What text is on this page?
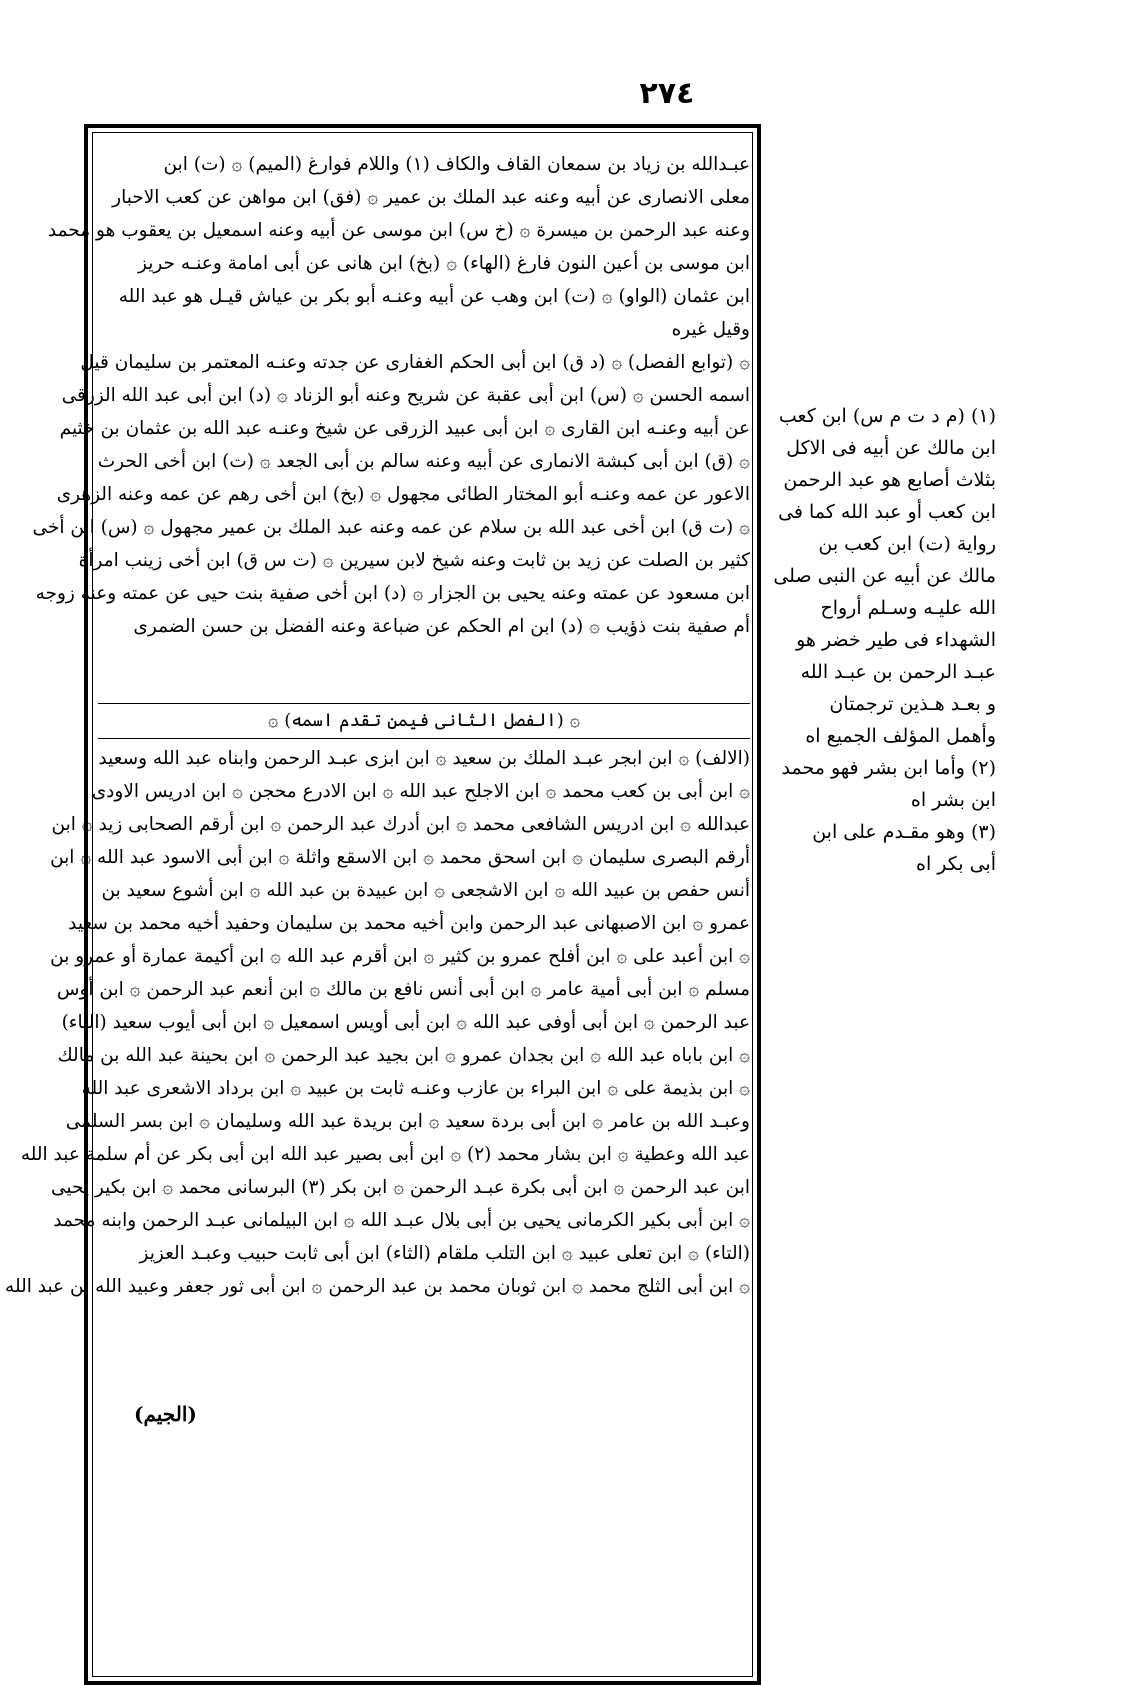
٢٧٤
عبـدالله بن زياد بن سمعان القاف والكاف (١) واللام فوارغ (الميم) ۞ (ت) ابن
معلى الانصارى عن أبيه وعنه عبد الملك بن عمير ۞ (فق) ابن مواهن عن كعب الاحبار
وعنه عبد الرحمن بن ميسرة ۞ (خ س) ابن موسى عن أبيه وعنه اسمعيل بن يعقوب هو محمد
ابن موسى بن أعين النون فارغ (الهاء) ۞ (بخ) ابن هانى عن أبى امامة وعنـه حريز
ابن عثمان (الواو) ۞ (ت) ابن وهب عن أبيه وعنـه أبو بكر بن عياش قيـل هو عبد الله
وقيل غيره
۞ (توابع الفصل) ۞ (د ق) ابن أبى الحكم الغفارى عن جدته وعنـه المعتمر بن سليمان قيل
اسمه الحسن ۞ (س) ابن أبى عقبة عن شريح وعنه أبو الزناد ۞ (د) ابن أبى عبد الله الزرقى
عن أبيه وعنـه ابن القارى ۞ ابن أبى عبيد الزرقى عن شيخ وعنـه عبد الله بن عثمان بن خثيم
۞ (ق) ابن أبى كبشة الانمارى عن أبيه وعنه سالم بن أبى الجعد ۞ (ت) ابن أخى الحرث
الاعور عن عمه وعنـه أبو المختار الطائى مجهول ۞ (بخ) ابن أخى رهم عن عمه وعنه الزهرى
۞ (ت ق) ابن أخى عبد الله بن سلام عن عمه وعنه عبد الملك بن عمير مجهول ۞ (س) ابن أخى
كثير بن الصلت عن زيد بن ثابت وعنه شيخ لابن سيرين ۞ (ت س ق) ابن أخى زينب امرأة
ابن مسعود عن عمته وعنه يحيى بن الجزار ۞ (د) ابن أخى صفية بنت حيى عن عمته وعنه زوجه
أم صفية بنت ذؤيب ۞ (د) ابن ام الحكم عن ضباعة وعنه الفضل بن حسن الضمرى
۞ (الفصل الثانى فيمن تقدم اسمه) ۞
(الالف) ۞ ابن ابجر عبـد الملك بن سعيد ۞ ابن ابزى عبـد الرحمن وابناه عبد الله وسعيد
۞ ابن أبى بن كعب محمد ۞ ابن الاجلح عبد الله ۞ ابن الادرع محجن ۞ ابن ادريس الاودى
عبدالله ۞ ابن ادريس الشافعى محمد ۞ ابن أدرك عبد الرحمن ۞ ابن أرقم الصحابى زيد ۞ ابن
أرقم البصرى سليمان ۞ ابن اسحق محمد ۞ ابن الاسقع واثلة ۞ ابن أبى الاسود عبد الله ۞ ابن
أنس حفص بن عبيد الله ۞ ابن الاشجعى ۞ ابن عبيدة بن عبد الله ۞ ابن أشوع سعيد بن
عمرو ۞ ابن الاصبهانى عبد الرحمن وابن أخيه محمد بن سليمان وحفيد أخيه محمد بن سعيد
۞ ابن أعبد على ۞ ابن أفلح عمرو بن كثير ۞ ابن أقرم عبد الله ۞ ابن أكيمة عمارة أو عمرو بن
مسلم ۞ ابن أبى أمية عامر ۞ ابن أبى أنس نافع بن مالك ۞ ابن أنعم عبد الرحمن ۞ ابن أوس
عبد الرحمن ۞ ابن أبى أوفى عبد الله ۞ ابن أبى أويس اسمعيل ۞ ابن أبى أيوب سعيد (الباء)
۞ ابن باباه عبد الله ۞ ابن بجدان عمرو ۞ ابن بجيد عبد الرحمن ۞ ابن بحينة عبد الله بن مالك
۞ ابن بذيمة على ۞ ابن البراء بن عازب وعنـه ثابت بن عبيد ۞ ابن برداد الاشعرى عبد الله
وعبـد الله بن عامر ۞ ابن أبى بردة سعيد ۞ ابن بريدة عبد الله وسليمان ۞ ابن بسر السلمى
عبد الله وعطية ۞ ابن بشار محمد (٢) ۞ ابن أبى بصير عبد الله ابن أبى بكر عن أم سلمة عبد الله
ابن عبد الرحمن ۞ ابن أبى بكرة عبـد الرحمن ۞ ابن بكر (٣) البرسانى محمد ۞ ابن بكير يحيى
۞ ابن أبى بكير الكرمانى يحيى بن أبى بلال عبـد الله ۞ ابن البيلمانى عبـد الرحمن وابنه محمد
(التاء) ۞ ابن تعلى عبيد ۞ ابن التلب ملقام (الثاء) ابن أبى ثابت حبيب وعبـد العزيز
۞ ابن أبى الثلج محمد ۞ ابن ثوبان محمد بن عبد الرحمن ۞ ابن أبى ثور جعفر وعبيد الله بن عبد الله
(١) (م د ت م س) ابن كعب
ابن مالك عن أبيه فى الاكل
بثلاث أصابع هو عبد الرحمن
ابن كعب أو عبد الله كما فى
رواية (ت) ابن كعب بن
مالك عن أبيه عن النبى صلى
الله عليـه وسـلم أرواح
الشهداء فى طير خضر هو
عبـد الرحمن بن عبـد الله
و بعـد هـذين ترجمتان
وأهمل المؤلف الجميع اه
(٢) وأما ابن بشر فهو محمد
ابن بشر اه
(٣) وهو مقـدم على ابن
أبى بكر اه
(الجيم)
